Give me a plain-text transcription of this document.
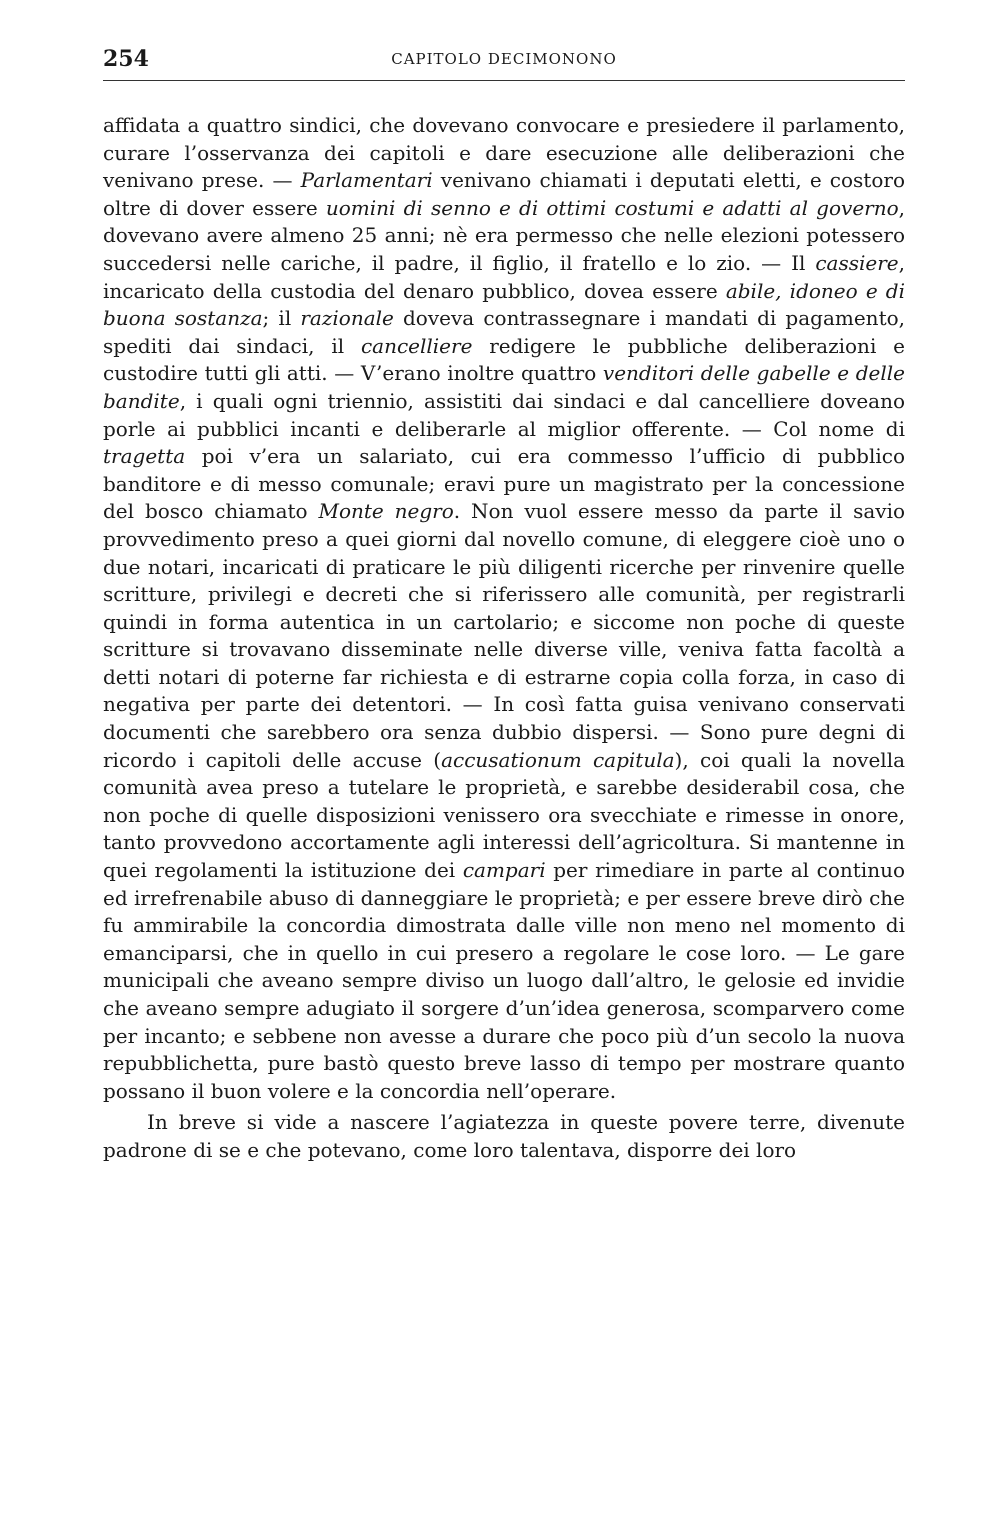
254	CAPITOLO DECIMONONO

affidata a quattro sindici, che dovevano convocare e presiedere il parlamento, curare l’osservanza dei capitoli e dare esecuzione alle deliberazioni che venivano prese. — Parlamentari venivano chiamati i deputati eletti, e costoro oltre di dover essere uomini di senno e di ottimi costumi e adatti al governo, dovevano avere almeno 25 anni; nè era permesso che nelle elezioni potessero succedersi nelle cariche, il padre, il figlio, il fratello e lo zio. — Il cassiere, incaricato della custodia del denaro pubblico, dovea essere abile, idoneo e di buona sostanza; il razionale doveva contrassegnare i mandati di pagamento, spediti dai sindaci, il cancelliere redigere le pubbliche deliberazioni e custodire tutti gli atti. — V’erano inoltre quattro venditori delle gabelle e delle bandite, i quali ogni triennio, assistiti dai sindaci e dal cancelliere doveano porle ai pubblici incanti e deliberarle al miglior offerente. — Col nome di tragetta poi v’era un salariato, cui era commesso l’ufficio di pubblico banditore e di messo comunale; eravi pure un magistrato per la concessione del bosco chiamato Monte negro. Non vuol essere messo da parte il savio provvedimento preso a quei giorni dal novello comune, di eleggere cioè uno o due notari, incaricati di praticare le più diligenti ricerche per rinvenire quelle scritture, privilegi e decreti che si riferissero alle comunità, per registrarli quindi in forma autentica in un cartolario; e siccome non poche di queste scritture si trovavano disseminate nelle diverse ville, veniva fatta facoltà a detti notari di poterne far richiesta e di estrarne copia colla forza, in caso di negativa per parte dei detentori. — In così fatta guisa venivano conservati documenti che sarebbero ora senza dubbio dispersi. — Sono pure degni di ricordo i capitoli delle accuse (accusationum capitula), coi quali la novella comunità avea preso a tutelare le proprietà, e sarebbe desiderabil cosa, che non poche di quelle disposizioni venissero ora svecchiate e rimesse in onore, tanto provvedono accortamente agli interessi dell’agricoltura. Si mantenne in quei regolamenti la istituzione dei campari per rimediare in parte al continuo ed irrefrenabile abuso di danneggiare le proprietà; e per essere breve dirò che fu ammirabile la concordia dimostrata dalle ville non meno nel momento di emanciparsi, che in quello in cui presero a regolare le cose loro. — Le gare municipali che aveano sempre diviso un luogo dall’altro, le gelosie ed invidie che aveano sempre adugiato il sorgere d’un’idea generosa, scomparvero come per incanto; e sebbene non avesse a durare che poco più d’un secolo la nuova repubblichetta, pure bastò questo breve lasso di tempo per mostrare quanto possano il buon volere e la concordia nell’operare.

In breve si vide a nascere l’agiatezza in queste povere terre, divenute padrone di se e che potevano, come loro talentava, disporre dei loro
